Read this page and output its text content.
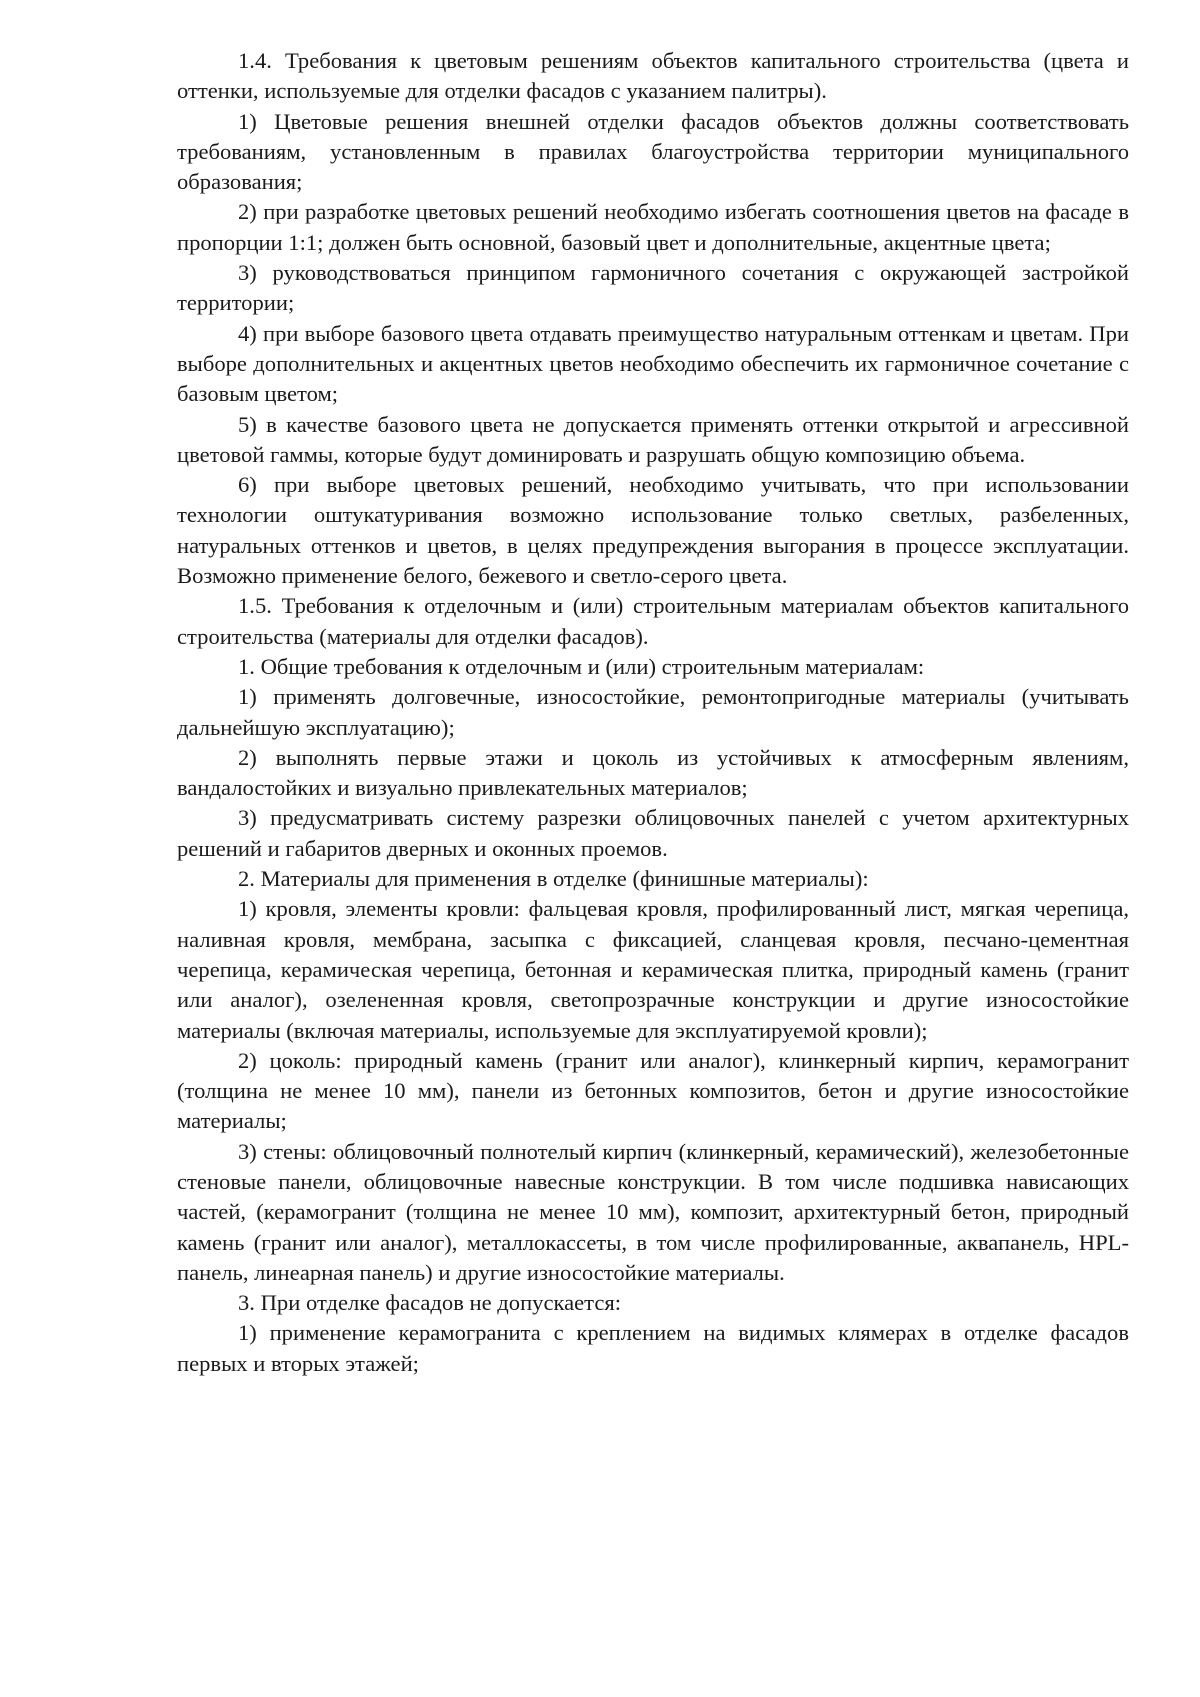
1.4. Требования к цветовым решениям объектов капитального строительства (цвета и оттенки, используемые для отделки фасадов с указанием палитры).

1) Цветовые решения внешней отделки фасадов объектов должны соответствовать требованиям, установленным в правилах благоустройства территории муниципального образования;

2) при разработке цветовых решений необходимо избегать соотношения цветов на фасаде в пропорции 1:1; должен быть основной, базовый цвет и дополнительные, акцентные цвета;

3) руководствоваться принципом гармоничного сочетания с окружающей застройкой территории;

4) при выборе базового цвета отдавать преимущество натуральным оттенкам и цветам. При выборе дополнительных и акцентных цветов необходимо обеспечить их гармоничное сочетание с базовым цветом;

5) в качестве базового цвета не допускается применять оттенки открытой и агрессивной цветовой гаммы, которые будут доминировать и разрушать общую композицию объема.

6) при выборе цветовых решений, необходимо учитывать, что при использовании технологии оштукатуривания возможно использование только светлых, разбеленных, натуральных оттенков и цветов, в целях предупреждения выгорания в процессе эксплуатации. Возможно применение белого, бежевого и светло-серого цвета.

1.5. Требования к отделочным и (или) строительным материалам объектов капитального строительства (материалы для отделки фасадов).

1. Общие требования к отделочным и (или) строительным материалам:

1) применять долговечные, износостойкие, ремонтопригодные материалы (учитывать дальнейшую эксплуатацию);

2) выполнять первые этажи и цоколь из устойчивых к атмосферным явлениям, вандалостойких и визуально привлекательных материалов;

3) предусматривать систему разрезки облицовочных панелей с учетом архитектурных решений и габаритов дверных и оконных проемов.

2. Материалы для применения в отделке (финишные материалы):

1) кровля, элементы кровли: фальцевая кровля, профилированный лист, мягкая черепица, наливная кровля, мембрана, засыпка с фиксацией, сланцевая кровля, песчано-цементная черепица, керамическая черепица, бетонная и керамическая плитка, природный камень (гранит или аналог), озелененная кровля, светопрозрачные конструкции и другие износостойкие материалы (включая материалы, используемые для эксплуатируемой кровли);

2) цоколь: природный камень (гранит или аналог), клинкерный кирпич, керамогранит (толщина не менее 10 мм), панели из бетонных композитов, бетон и другие износостойкие материалы;

3) стены: облицовочный полнотелый кирпич (клинкерный, керамический), железобетонные стеновые панели, облицовочные навесные конструкции. В том числе подшивка нависающих частей, (керамогранит (толщина не менее 10 мм), композит, архитектурный бетон, природный камень (гранит или аналог), металлокассеты, в том числе профилированные, аквапанель, HPL-панель, линеарная панель) и другие износостойкие материалы.

3. При отделке фасадов не допускается:

1) применение керамогранита с креплением на видимых клямерах в отделке фасадов первых и вторых этажей;
